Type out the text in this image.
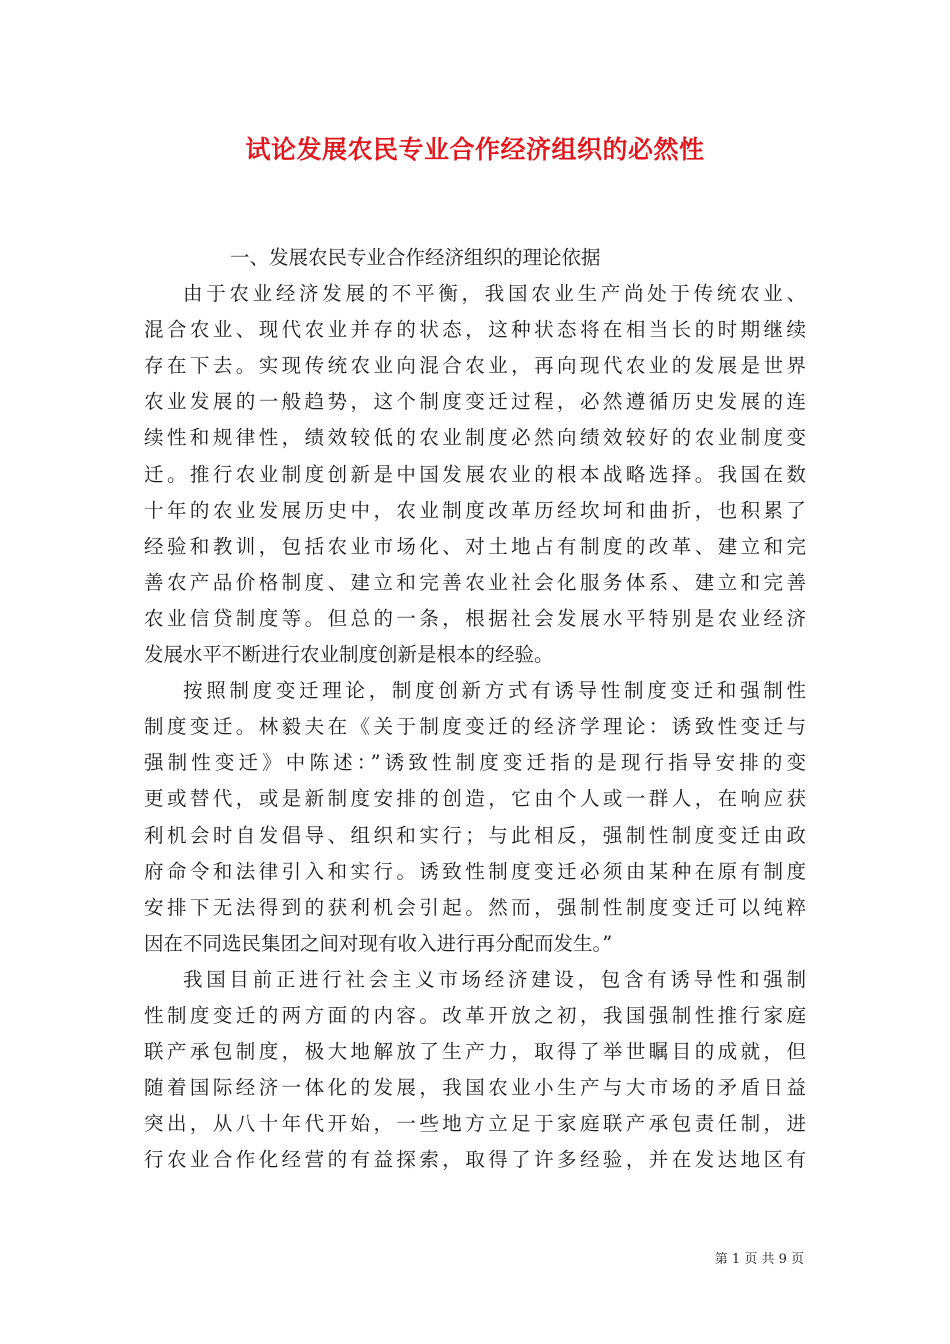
试论发展农民专业合作经济组织的必然性
一、发展农民专业合作经济组织的理论依据
由于农业经济发展的不平衡，我国农业生产尚处于传统农业、
混合农业、现代农业并存的状态，这种状态将在相当长的时期继续
存在下去。实现传统农业向混合农业，再向现代农业的发展是世界
农业发展的一般趋势，这个制度变迁过程，必然遵循历史发展的连
续性和规律性，绩效较低的农业制度必然向绩效较好的农业制度变
迁。推行农业制度创新是中国发展农业的根本战略选择。我国在数
十年的农业发展历史中，农业制度改革历经坎坷和曲折，也积累了
经验和教训，包括农业市场化、对土地占有制度的改革、建立和完
善农产品价格制度、建立和完善农业社会化服务体系、建立和完善
农业信贷制度等。但总的一条，根据社会发展水平特别是农业经济
发展水平不断进行农业制度创新是根本的经验。
按照制度变迁理论，制度创新方式有诱导性制度变迁和强制性
制度变迁。林毅夫在《关于制度变迁的经济学理论：诱致性变迁与
强制性变迁》中陈述：”诱致性制度变迁指的是现行指导安排的变
更或替代，或是新制度安排的创造，它由个人或一群人，在响应获
利机会时自发倡导、组织和实行；与此相反，强制性制度变迁由政
府命令和法律引入和实行。诱致性制度变迁必须由某种在原有制度
安排下无法得到的获利机会引起。然而，强制性制度变迁可以纯粹
因在不同选民集团之间对现有收入进行再分配而发生。”
我国目前正进行社会主义市场经济建设，包含有诱导性和强制
性制度变迁的两方面的内容。改革开放之初，我国强制性推行家庭
联产承包制度，极大地解放了生产力，取得了举世瞩目的成就，但
随着国际经济一体化的发展，我国农业小生产与大市场的矛盾日益
突出，从八十年代开始，一些地方立足于家庭联产承包责任制，进
行农业合作化经营的有益探索，取得了许多经验，并在发达地区有
第 1 页 共 9 页
